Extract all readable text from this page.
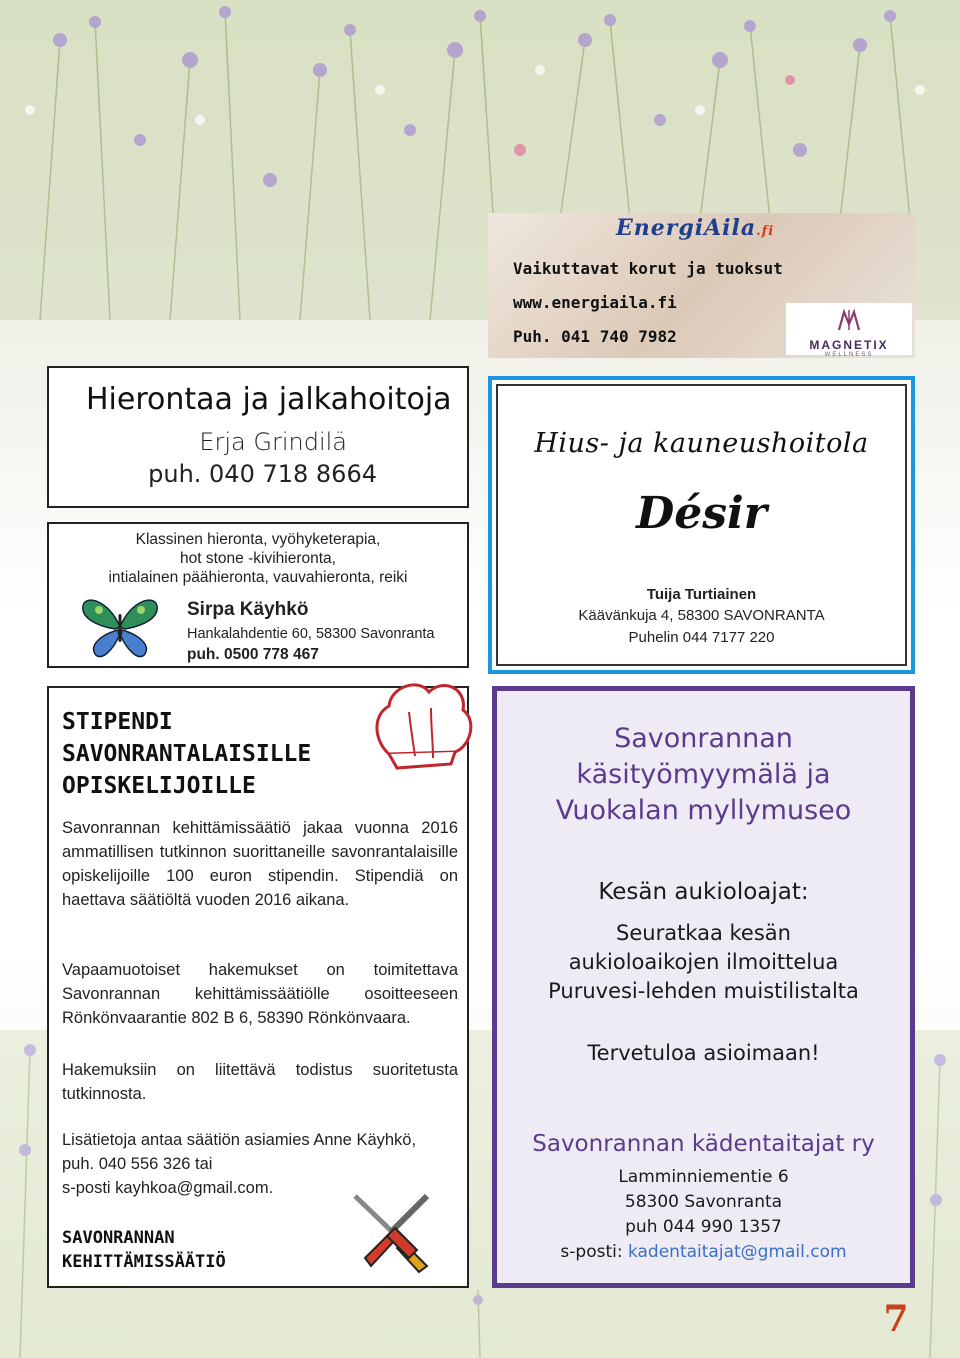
EnergiAila.fi
Vaikuttavat korut ja tuoksut
www.energiaila.fi
Puh. 041 740 7982	MAGNETIX
WELLNESS
Hierontaa ja jalkahoitoja
Erja Grindilä
puh. 040 718 8664
Klassinen hieronta, vyöhyketerapia,
hot stone -kivihieronta,
intialainen päähieronta, vauvahieronta, reiki
Sirpa Käyhkö
Hankalahdentie 60, 58300 Savonranta
puh. 0500 778 467
Hius- ja kauneushoitola
Désir
Tuija Turtiainen
Käävänkuja 4, 58300 SAVONRANTA
Puhelin 044 7177 220
STIPENDI
SAVONRANTALAISILLE
OPISKELIJOILLE
Savonrannan kehittämissäätiö jakaa vuonna 2016 ammatillisen tutkinnon suorittaneille savonrantalaisille opiskelijoille 100 euron stipendin. Stipendiä on haettava säätiöltä vuoden 2016 aikana.
Vapaamuotoiset hakemukset on toimitettava Savonrannan kehittämissäätiölle osoitteeseen Rönkönvaarantie 802 B 6, 58390 Rönkönvaara.
Hakemuksiin on liitettävä todistus suoritetusta tutkinnosta.
Lisätietoja antaa säätiön asiamies Anne Käyhkö,
puh. 040 556 326 tai
s-posti kayhkoa@gmail.com.
SAVONRANNAN
KEHITTÄMISSÄÄTIÖ
Savonrannan
käsityömyymälä ja
Vuokalan myllymuseo
Kesän aukioloajat:
Seuratkaa kesän
aukioloaikojen ilmoittelua
Puruvesi-lehden muistilistalta
Tervetuloa asioimaan!
Savonrannan kädentaitajat ry
Lamminniementie 6
58300 Savonranta
puh 044 990 1357
s-posti: kadentaitajat@gmail.com
7
